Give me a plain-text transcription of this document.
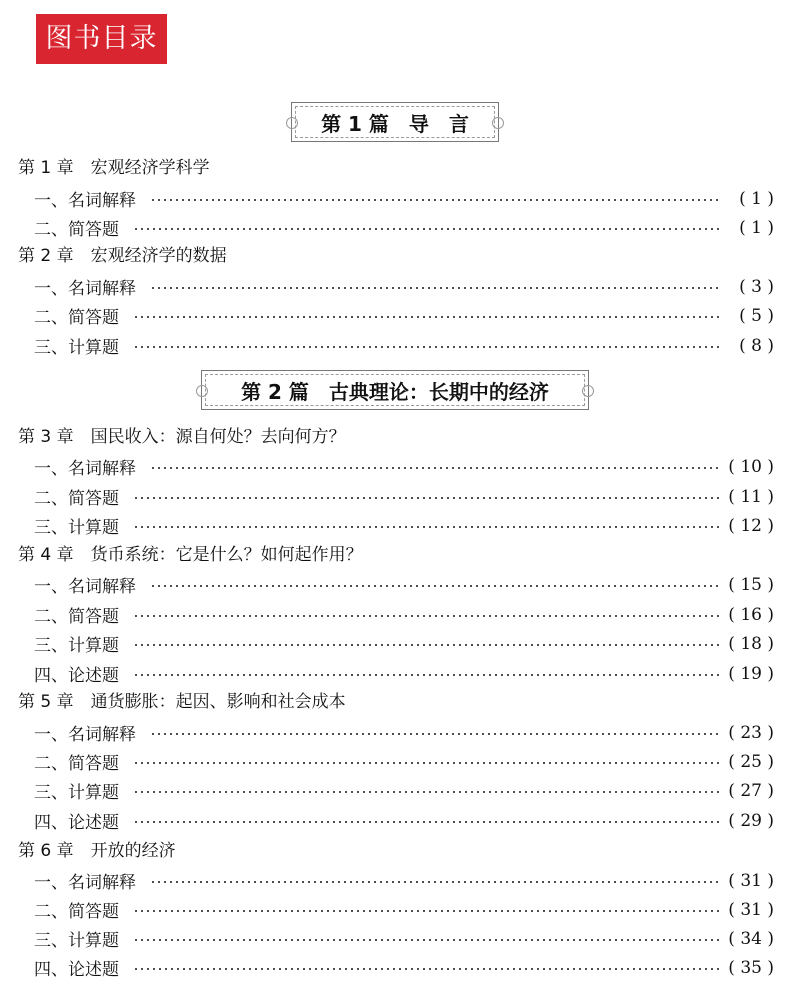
图书目录
第 1 篇　导　言
第 1 章　宏观经济学科学
一、名词解释	( 1 )
二、简答题	( 1 )
第 2 章　宏观经济学的数据
一、名词解释	( 3 )
二、简答题	( 5 )
三、计算题	( 8 )
第 2 篇　古典理论：长期中的经济
第 3 章　国民收入：源自何处？去向何方？
一、名词解释	( 10 )
二、简答题	( 11 )
三、计算题	( 12 )
第 4 章　货币系统：它是什么？如何起作用？
一、名词解释	( 15 )
二、简答题	( 16 )
三、计算题	( 18 )
四、论述题	( 19 )
第 5 章　通货膨胀：起因、影响和社会成本
一、名词解释	( 23 )
二、简答题	( 25 )
三、计算题	( 27 )
四、论述题	( 29 )
第 6 章　开放的经济
一、名词解释	( 31 )
二、简答题	( 31 )
三、计算题	( 34 )
四、论述题	( 35 )
